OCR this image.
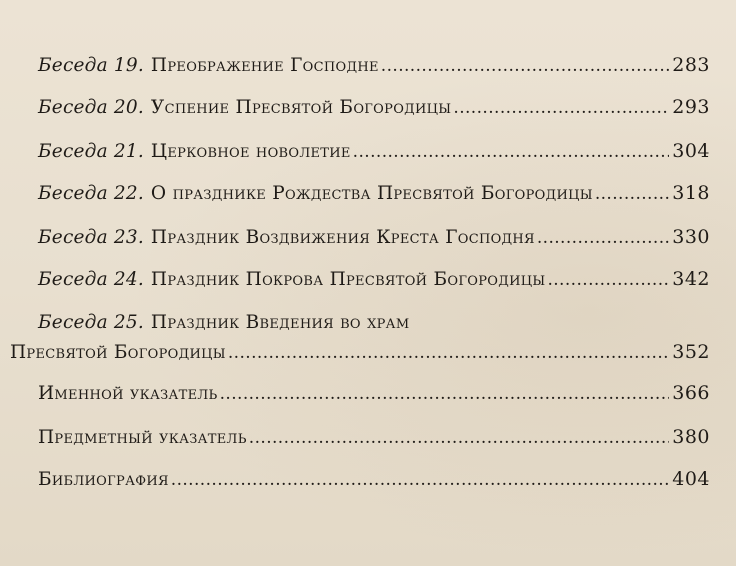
Беседа 19. Преображение Господне .....	283
Беседа 20. Успение Пресвятой Богородицы .....	293
Беседа 21. Церковное новолетие .....	304
Беседа 22. О празднике Рождества Пресвятой Богородицы .....	318
Беседа 23. Праздник Воздвижения Креста Господня .....	330
Беседа 24. Праздник Покрова Пресвятой Богородицы .....	342
Беседа 25. Праздник Введения во храм
Пресвятой Богородицы .....	352
Именной указатель .....	366
Предметный указатель .....	380
Библиография .....	404
